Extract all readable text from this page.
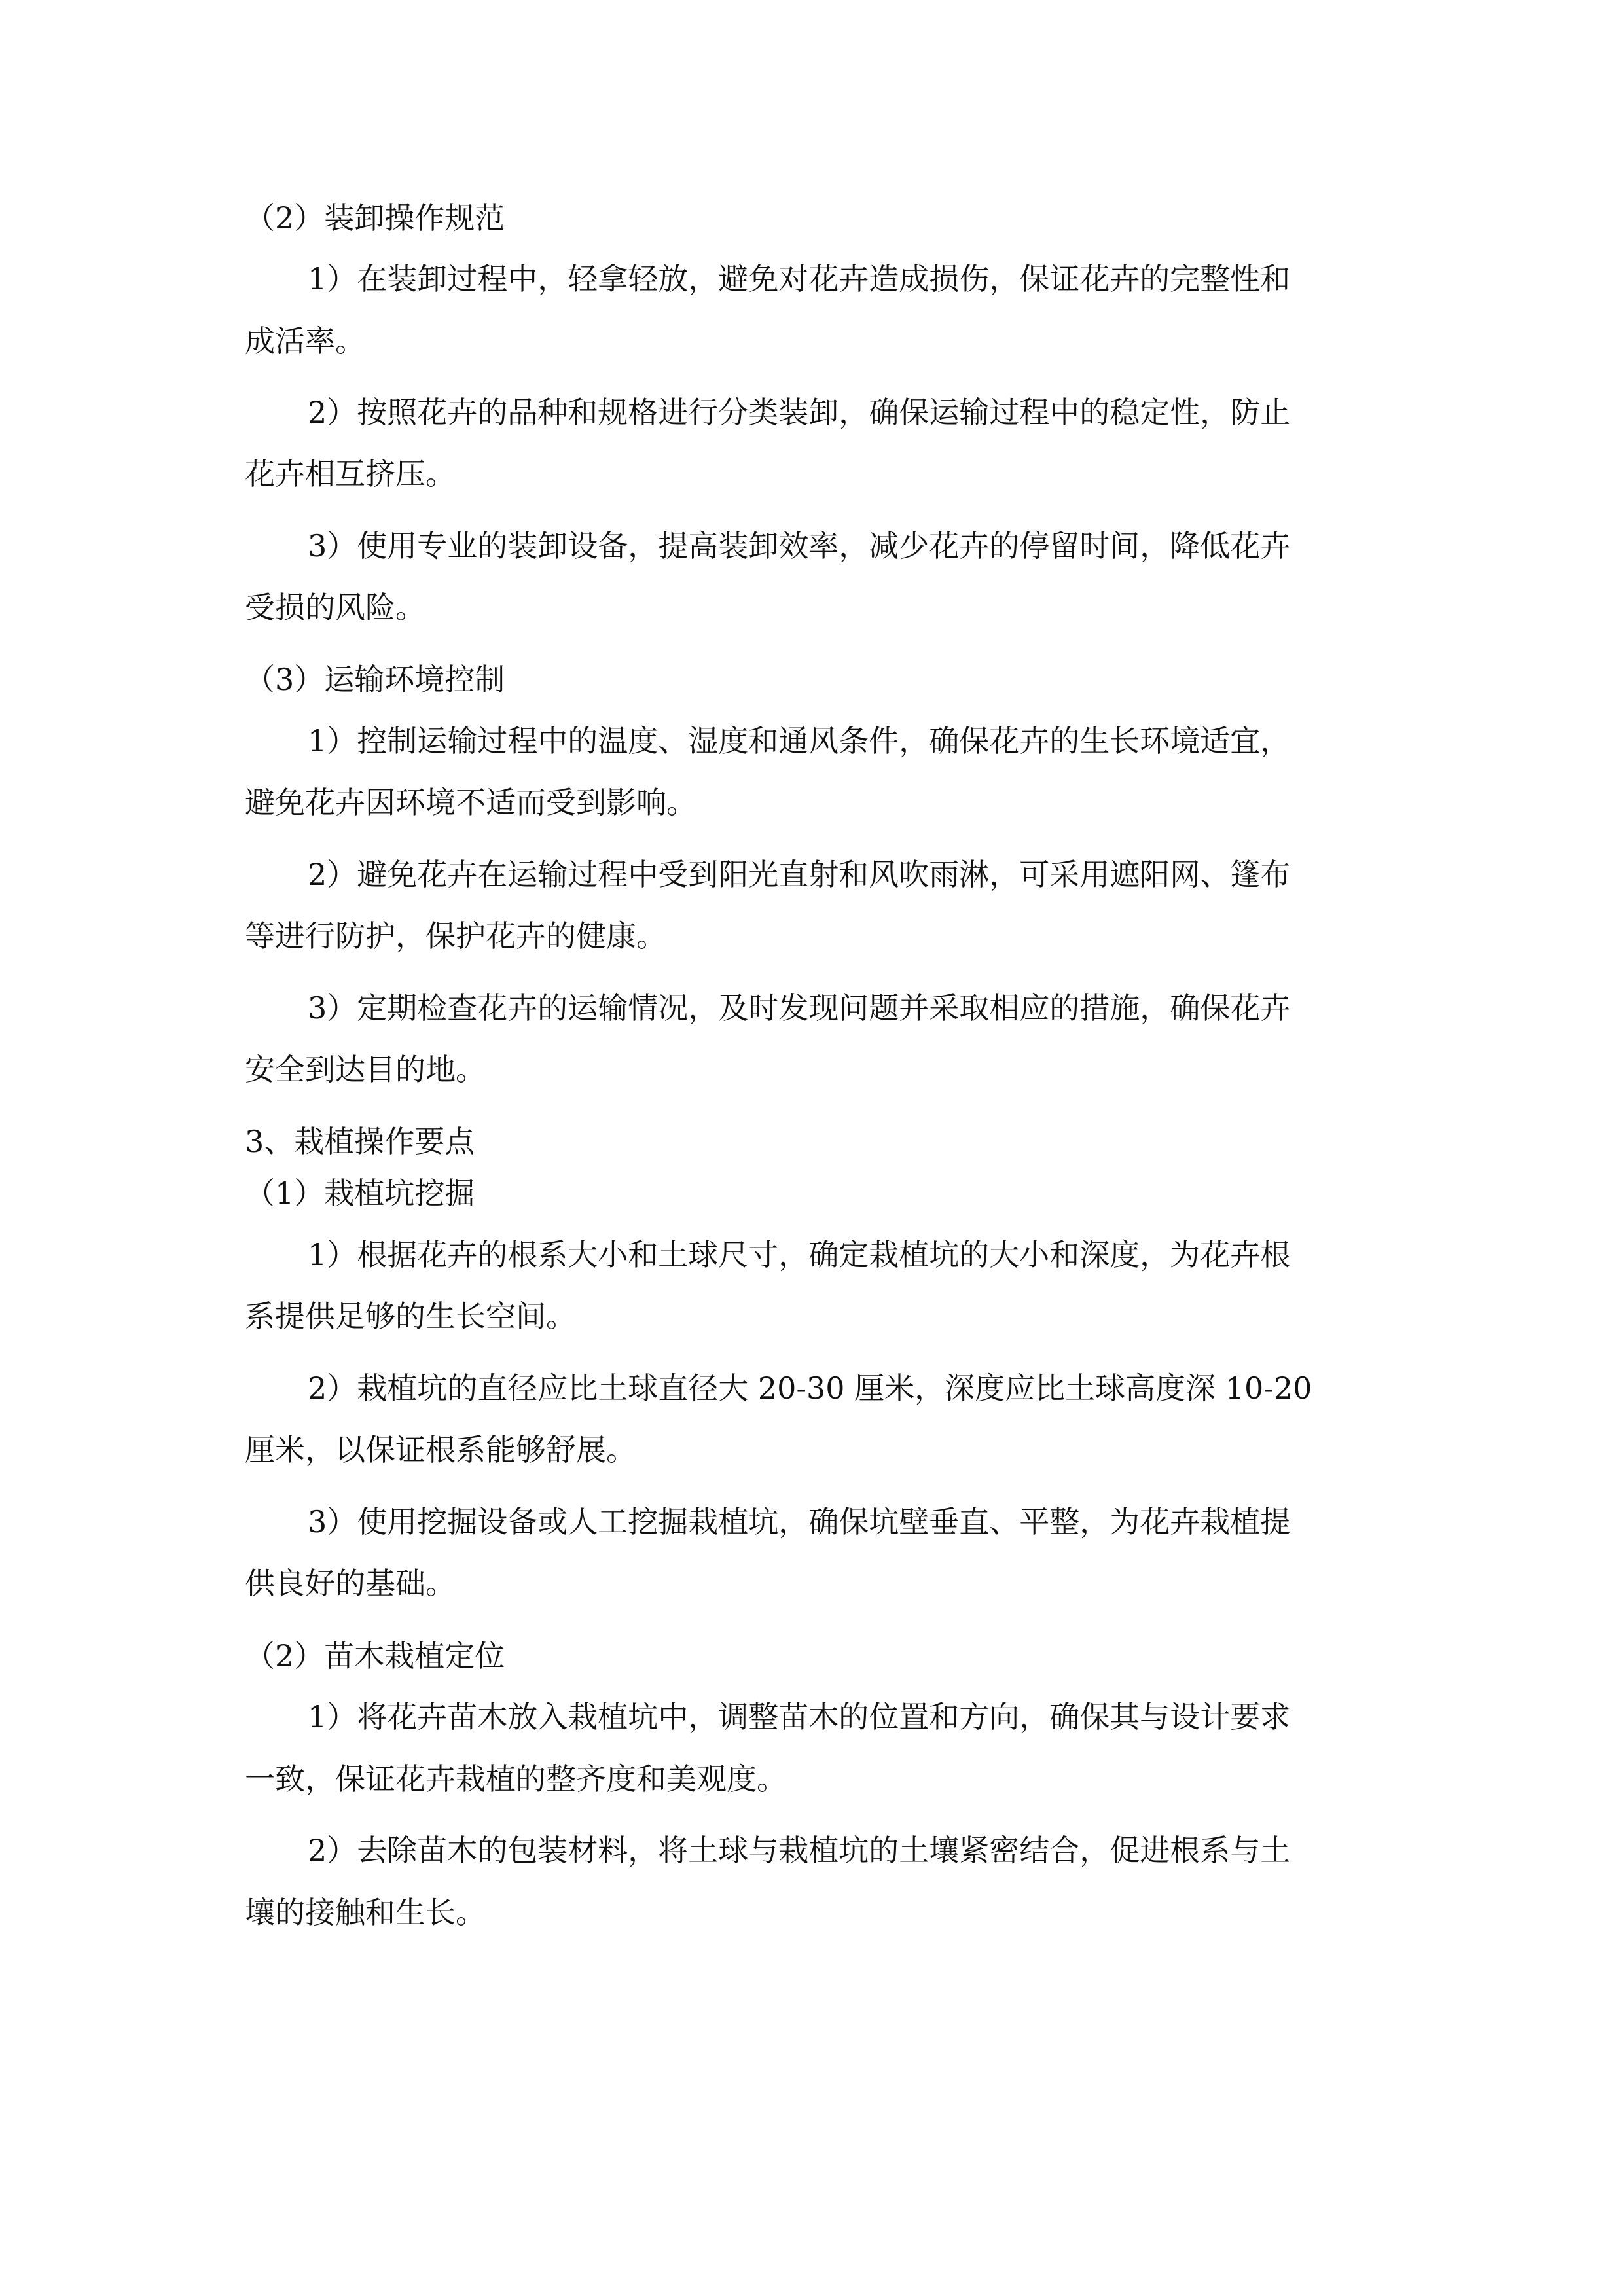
（2）装卸操作规范
1）在装卸过程中，轻拿轻放，避免对花卉造成损伤，保证花卉的完整性和
成活率。
2）按照花卉的品种和规格进行分类装卸，确保运输过程中的稳定性，防止
花卉相互挤压。
3）使用专业的装卸设备，提高装卸效率，减少花卉的停留时间，降低花卉
受损的风险。
（3）运输环境控制
1）控制运输过程中的温度、湿度和通风条件，确保花卉的生长环境适宜，
避免花卉因环境不适而受到影响。
2）避免花卉在运输过程中受到阳光直射和风吹雨淋，可采用遮阳网、篷布
等进行防护，保护花卉的健康。
3）定期检查花卉的运输情况，及时发现问题并采取相应的措施，确保花卉
安全到达目的地。
3、栽植操作要点
（1）栽植坑挖掘
1）根据花卉的根系大小和土球尺寸，确定栽植坑的大小和深度，为花卉根
系提供足够的生长空间。
2）栽植坑的直径应比土球直径大 20-30 厘米，深度应比土球高度深 10-20
厘米，以保证根系能够舒展。
3）使用挖掘设备或人工挖掘栽植坑，确保坑壁垂直、平整，为花卉栽植提
供良好的基础。
（2）苗木栽植定位
1）将花卉苗木放入栽植坑中，调整苗木的位置和方向，确保其与设计要求
一致，保证花卉栽植的整齐度和美观度。
2）去除苗木的包装材料，将土球与栽植坑的土壤紧密结合，促进根系与土
壤的接触和生长。
